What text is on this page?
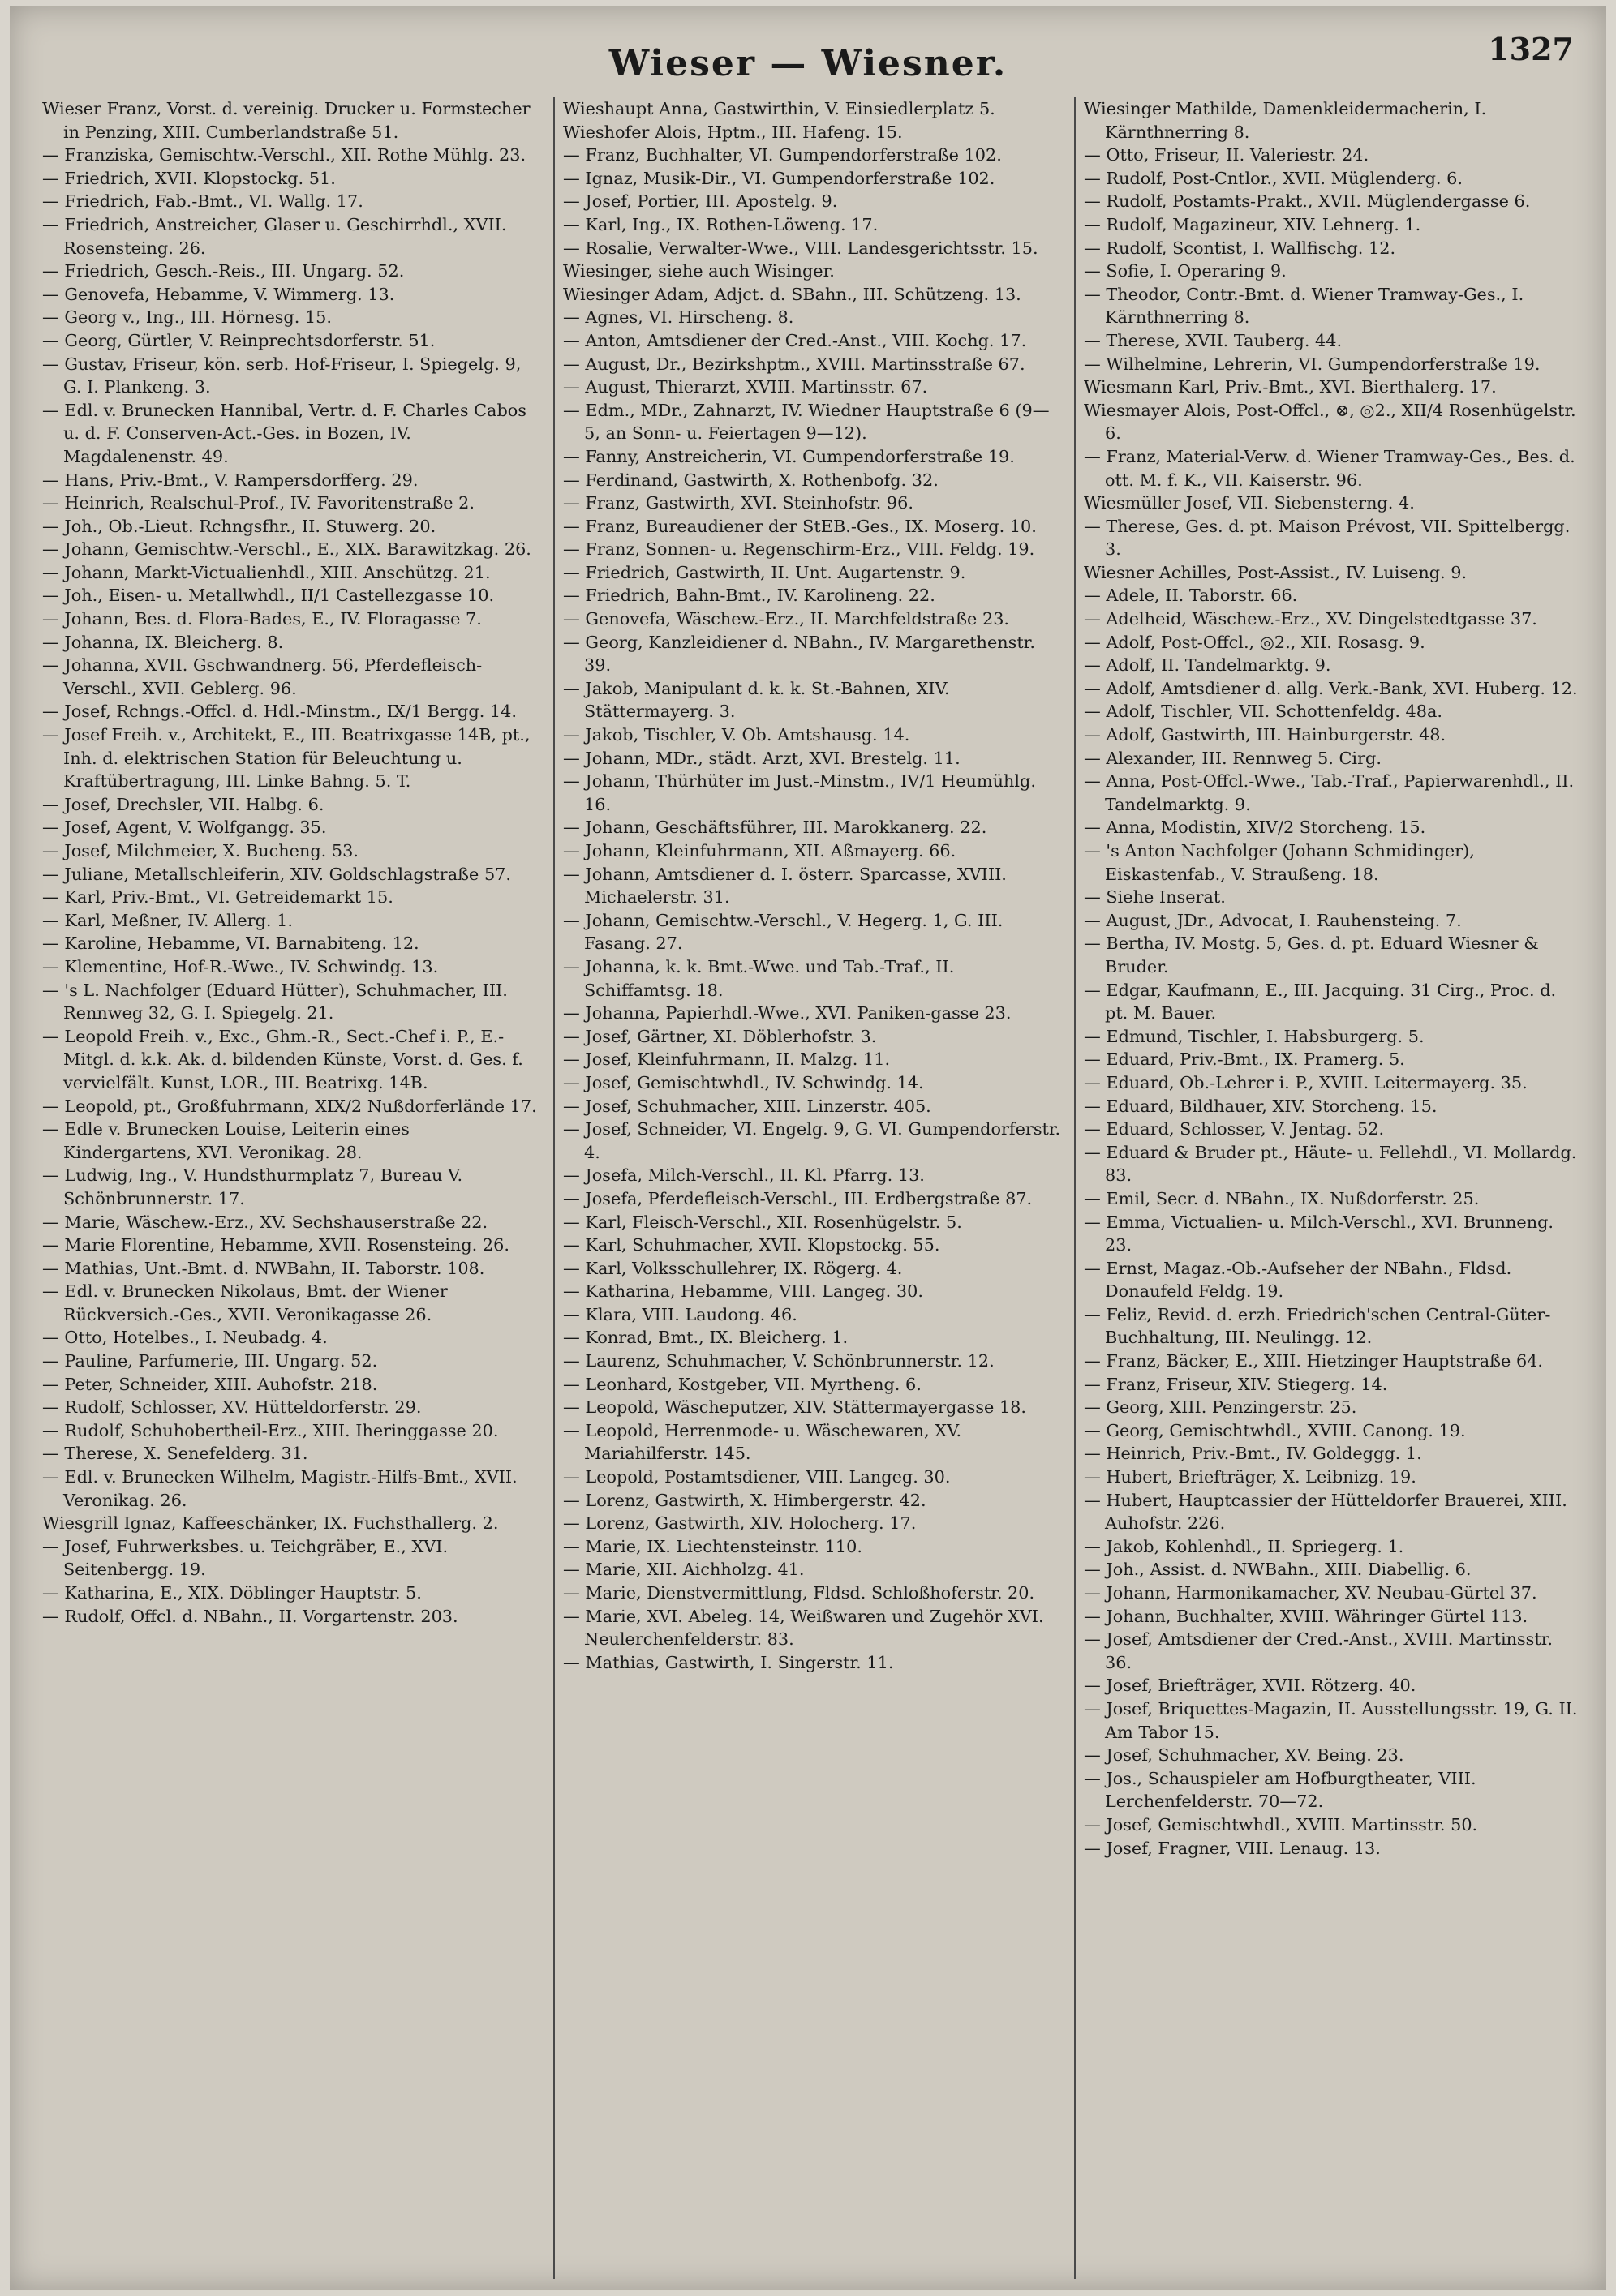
Wieser — Wiesner.	1327

Wieser Franz, Vorst. d. vereinig. Drucker u. Formstecher in Penzing, XIII. Cumberlandstraße 51.

— Franziska, Gemischtw.-Verschl., XII. Rothe Mühlg. 23.

— Friedrich, XVII. Klopstockg. 51.

— Friedrich, Fab.-Bmt., VI. Wallg. 17.

— Friedrich, Anstreicher, Glaser u. Geschirrhdl., XVII. Rosensteing. 26.

— Friedrich, Gesch.-Reis., III. Ungarg. 52.

— Genovefa, Hebamme, V. Wimmerg. 13.

— Georg v., Ing., III. Hörnesg. 15.

— Georg, Gürtler, V. Reinprechtsdorferstr. 51.

— Gustav, Friseur, kön. serb. Hof-Friseur, I. Spiegelg. 9, G. I. Plankeng. 3.

— Edl. v. Brunecken Hannibal, Vertr. d. F. Charles Cabos u. d. F. Conserven-Act.-Ges. in Bozen, IV. Magdalenenstr. 49.

— Hans, Priv.-Bmt., V. Rampersdorfferg. 29.

— Heinrich, Realschul-Prof., IV. Favoritenstraße 2.

— Joh., Ob.-Lieut. Rchngsfhr., II. Stuwerg. 20.

— Johann, Gemischtw.-Verschl., E., XIX. Barawitzkag. 26.

— Johann, Markt-Victualienhdl., XIII. Anschützg. 21.

— Joh., Eisen- u. Metallwhdl., II/1 Castellezgasse 10.

— Johann, Bes. d. Flora-Bades, E., IV. Floragasse 7.

— Johanna, IX. Bleicherg. 8.

— Johanna, XVII. Gschwandnerg. 56, Pferdefleisch-Verschl., XVII. Geblerg. 96.

— Josef, Rchngs.-Offcl. d. Hdl.-Minstm., IX/1 Bergg. 14.

— Josef Freih. v., Architekt, E., III. Beatrixgasse 14B, pt., Inh. d. elektrischen Station für Beleuchtung u. Kraftübertragung, III. Linke Bahng. 5. T.

— Josef, Drechsler, VII. Halbg. 6.

— Josef, Agent, V. Wolfgangg. 35.

— Josef, Milchmeier, X. Bucheng. 53.

— Juliane, Metallschleiferin, XIV. Goldschlagstraße 57.

— Karl, Priv.-Bmt., VI. Getreidemarkt 15.

— Karl, Meßner, IV. Allerg. 1.

— Karoline, Hebamme, VI. Barnabiteng. 12.

— Klementine, Hof-R.-Wwe., IV. Schwindg. 13.

— 's L. Nachfolger (Eduard Hütter), Schuhmacher, III. Rennweg 32, G. I. Spiegelg. 21.

— Leopold Freih. v., Exc., Ghm.-R., Sect.-Chef i. P., E.-Mitgl. d. k.k. Ak. d. bildenden Künste, Vorst. d. Ges. f. vervielfält. Kunst, LOR., III. Beatrixg. 14B.

— Leopold, pt., Großfuhrmann, XIX/2 Nußdorferlände 17.

— Edle v. Brunecken Louise, Leiterin eines Kindergartens, XVI. Veronikag. 28.

— Ludwig, Ing., V. Hundsthurmplatz 7, Bureau V. Schönbrunnerstr. 17.

— Marie, Wäschew.-Erz., XV. Sechshauserstraße 22.

— Marie Florentine, Hebamme, XVII. Rosensteing. 26.

— Mathias, Unt.-Bmt. d. NWBahn, II. Taborstr. 108.

— Edl. v. Brunecken Nikolaus, Bmt. der Wiener Rückversich.-Ges., XVII. Veronikagasse 26.

— Otto, Hotelbes., I. Neubadg. 4.

— Pauline, Parfumerie, III. Ungarg. 52.

— Peter, Schneider, XIII. Auhofstr. 218.

— Rudolf, Schlosser, XV. Hütteldorferstr. 29.

— Rudolf, Schuhobertheil-Erz., XIII. Iheringgasse 20.

— Therese, X. Senefelderg. 31.

— Edl. v. Brunecken Wilhelm, Magistr.-Hilfs-Bmt., XVII. Veronikag. 26.

Wiesgrill Ignaz, Kaffeeschänker, IX. Fuchsthallerg. 2.

— Josef, Fuhrwerksbes. u. Teichgräber, E., XVI. Seitenbergg. 19.

— Katharina, E., XIX. Döblinger Hauptstr. 5.

— Rudolf, Offcl. d. NBahn., II. Vorgartenstr. 203.

Wieshaupt Anna, Gastwirthin, V. Einsiedlerplatz 5.

Wieshofer Alois, Hptm., III. Hafeng. 15.

— Franz, Buchhalter, VI. Gumpendorferstraße 102.

— Ignaz, Musik-Dir., VI. Gumpendorferstraße 102.

— Josef, Portier, III. Apostelg. 9.

— Karl, Ing., IX. Rothen-Löweng. 17.

— Rosalie, Verwalter-Wwe., VIII. Landesgerichtsstr. 15.

Wiesinger, siehe auch Wisinger.

Wiesinger Adam, Adjct. d. SBahn., III. Schützeng. 13.

— Agnes, VI. Hirscheng. 8.

— Anton, Amtsdiener der Cred.-Anst., VIII. Kochg. 17.

— August, Dr., Bezirkshptm., XVIII. Martinsstraße 67.

— August, Thierarzt, XVIII. Martinsstr. 67.

— Edm., MDr., Zahnarzt, IV. Wiedner Hauptstraße 6 (9—5, an Sonn- u. Feiertagen 9—12).

— Fanny, Anstreicherin, VI. Gumpendorferstraße 19.

— Ferdinand, Gastwirth, X. Rothenbofg. 32.

— Franz, Gastwirth, XVI. Steinhofstr. 96.

— Franz, Bureaudiener der StEB.-Ges., IX. Moserg. 10.

— Franz, Sonnen- u. Regenschirm-Erz., VIII. Feldg. 19.

— Friedrich, Gastwirth, II. Unt. Augartenstr. 9.

— Friedrich, Bahn-Bmt., IV. Karolineng. 22.

— Genovefa, Wäschew.-Erz., II. Marchfeldstraße 23.

— Georg, Kanzleidiener d. NBahn., IV. Margarethenstr. 39.

— Jakob, Manipulant d. k. k. St.-Bahnen, XIV. Stättermayerg. 3.

— Jakob, Tischler, V. Ob. Amtshausg. 14.

— Johann, MDr., städt. Arzt, XVI. Brestelg. 11.

— Johann, Thürhüter im Just.-Minstm., IV/1 Heumühlg. 16.

— Johann, Geschäftsführer, III. Marokkanerg. 22.

— Johann, Kleinfuhrmann, XII. Aßmayerg. 66.

— Johann, Amtsdiener d. I. österr. Sparcasse, XVIII. Michaelerstr. 31.

— Johann, Gemischtw.-Verschl., V. Hegerg. 1, G. III. Fasang. 27.

— Johanna, k. k. Bmt.-Wwe. und Tab.-Traf., II. Schiffamtsg. 18.

— Johanna, Papierhdl.-Wwe., XVI. Paniken-gasse 23.

— Josef, Gärtner, XI. Döblerhofstr. 3.

— Josef, Kleinfuhrmann, II. Malzg. 11.

— Josef, Gemischtwhdl., IV. Schwindg. 14.

— Josef, Schuhmacher, XIII. Linzerstr. 405.

— Josef, Schneider, VI. Engelg. 9, G. VI. Gumpendorferstr. 4.

— Josefa, Milch-Verschl., II. Kl. Pfarrg. 13.

— Josefa, Pferdefleisch-Verschl., III. Erdbergstraße 87.

— Karl, Fleisch-Verschl., XII. Rosenhügelstr. 5.

— Karl, Schuhmacher, XVII. Klopstockg. 55.

— Karl, Volksschullehrer, IX. Rögerg. 4.

— Katharina, Hebamme, VIII. Langeg. 30.

— Klara, VIII. Laudong. 46.

— Konrad, Bmt., IX. Bleicherg. 1.

— Laurenz, Schuhmacher, V. Schönbrunnerstr. 12.

— Leonhard, Kostgeber, VII. Myrtheng. 6.

— Leopold, Wäscheputzer, XIV. Stättermayergasse 18.

— Leopold, Herrenmode- u. Wäschewaren, XV. Mariahilferstr. 145.

— Leopold, Postamtsdiener, VIII. Langeg. 30.

— Lorenz, Gastwirth, X. Himbergerstr. 42.

— Lorenz, Gastwirth, XIV. Holocherg. 17.

— Marie, IX. Liechtensteinstr. 110.

— Marie, XII. Aichholzg. 41.

— Marie, Dienstvermittlung, Fldsd. Schloßhoferstr. 20.

— Marie, XVI. Abeleg. 14, Weißwaren und Zugehör XVI. Neulerchenfelderstr. 83.

— Mathias, Gastwirth, I. Singerstr. 11.

Wiesinger Mathilde, Damenkleidermacherin, I. Kärnthnerring 8.

— Otto, Friseur, II. Valeriestr. 24.

— Rudolf, Post-Cntlor., XVII. Müglenderg. 6.

— Rudolf, Postamts-Prakt., XVII. Müglendergasse 6.

— Rudolf, Magazineur, XIV. Lehnerg. 1.

— Rudolf, Scontist, I. Wallfischg. 12.

— Sofie, I. Operaring 9.

— Theodor, Contr.-Bmt. d. Wiener Tramway-Ges., I. Kärnthnerring 8.

— Therese, XVII. Tauberg. 44.

— Wilhelmine, Lehrerin, VI. Gumpendorferstraße 19.

Wiesmann Karl, Priv.-Bmt., XVI. Bierthalerg. 17.

Wiesmayer Alois, Post-Offcl., ⊗, ◎2., XII/4 Rosenhügelstr. 6.

— Franz, Material-Verw. d. Wiener Tramway-Ges., Bes. d. ott. M. f. K., VII. Kaiserstr. 96.

Wiesmüller Josef, VII. Siebensterng. 4.

— Therese, Ges. d. pt. Maison Prévost, VII. Spittelbergg. 3.

Wiesner Achilles, Post-Assist., IV. Luiseng. 9.

— Adele, II. Taborstr. 66.

— Adelheid, Wäschew.-Erz., XV. Dingelstedtgasse 37.

— Adolf, Post-Offcl., ◎2., XII. Rosasg. 9.

— Adolf, II. Tandelmarktg. 9.

— Adolf, Amtsdiener d. allg. Verk.-Bank, XVI. Huberg. 12.

— Adolf, Tischler, VII. Schottenfeldg. 48a.

— Adolf, Gastwirth, III. Hainburgerstr. 48.

— Alexander, III. Rennweg 5. Cirg.

— Anna, Post-Offcl.-Wwe., Tab.-Traf., Papierwarenhdl., II. Tandelmarktg. 9.

— Anna, Modistin, XIV/2 Storcheng. 15.

— 's Anton Nachfolger (Johann Schmidinger), Eiskastenfab., V. Straußeng. 18.

— Siehe Inserat.

— August, JDr., Advocat, I. Rauhensteing. 7.

— Bertha, IV. Mostg. 5, Ges. d. pt. Eduard Wiesner & Bruder.

— Edgar, Kaufmann, E., III. Jacquing. 31 Cirg., Proc. d. pt. M. Bauer.

— Edmund, Tischler, I. Habsburgerg. 5.

— Eduard, Priv.-Bmt., IX. Pramerg. 5.

— Eduard, Ob.-Lehrer i. P., XVIII. Leitermayerg. 35.

— Eduard, Bildhauer, XIV. Storcheng. 15.

— Eduard, Schlosser, V. Jentag. 52.

— Eduard & Bruder pt., Häute- u. Fellehdl., VI. Mollardg. 83.

— Emil, Secr. d. NBahn., IX. Nußdorferstr. 25.

— Emma, Victualien- u. Milch-Verschl., XVI. Brunneng. 23.

— Ernst, Magaz.-Ob.-Aufseher der NBahn., Fldsd. Donaufeld Feldg. 19.

— Feliz, Revid. d. erzh. Friedrich'schen Central-Güter-Buchhaltung, III. Neulingg. 12.

— Franz, Bäcker, E., XIII. Hietzinger Hauptstraße 64.

— Franz, Friseur, XIV. Stiegerg. 14.

— Georg, XIII. Penzingerstr. 25.

— Georg, Gemischtwhdl., XVIII. Canong. 19.

— Heinrich, Priv.-Bmt., IV. Goldeggg. 1.

— Hubert, Briefträger, X. Leibnizg. 19.

— Hubert, Hauptcassier der Hütteldorfer Brauerei, XIII. Auhofstr. 226.

— Jakob, Kohlenhdl., II. Spriegerg. 1.

— Joh., Assist. d. NWBahn., XIII. Diabellig. 6.

— Johann, Harmonikamacher, XV. Neubau-Gürtel 37.

— Johann, Buchhalter, XVIII. Währinger Gürtel 113.

— Josef, Amtsdiener der Cred.-Anst., XVIII. Martinsstr. 36.

— Josef, Briefträger, XVII. Rötzerg. 40.

— Josef, Briquettes-Magazin, II. Ausstellungsstr. 19, G. II. Am Tabor 15.

— Josef, Schuhmacher, XV. Being. 23.

— Jos., Schauspieler am Hofburgtheater, VIII. Lerchenfelderstr. 70—72.

— Josef, Gemischtwhdl., XVIII. Martinsstr. 50.

— Josef, Fragner, VIII. Lenaug. 13.
